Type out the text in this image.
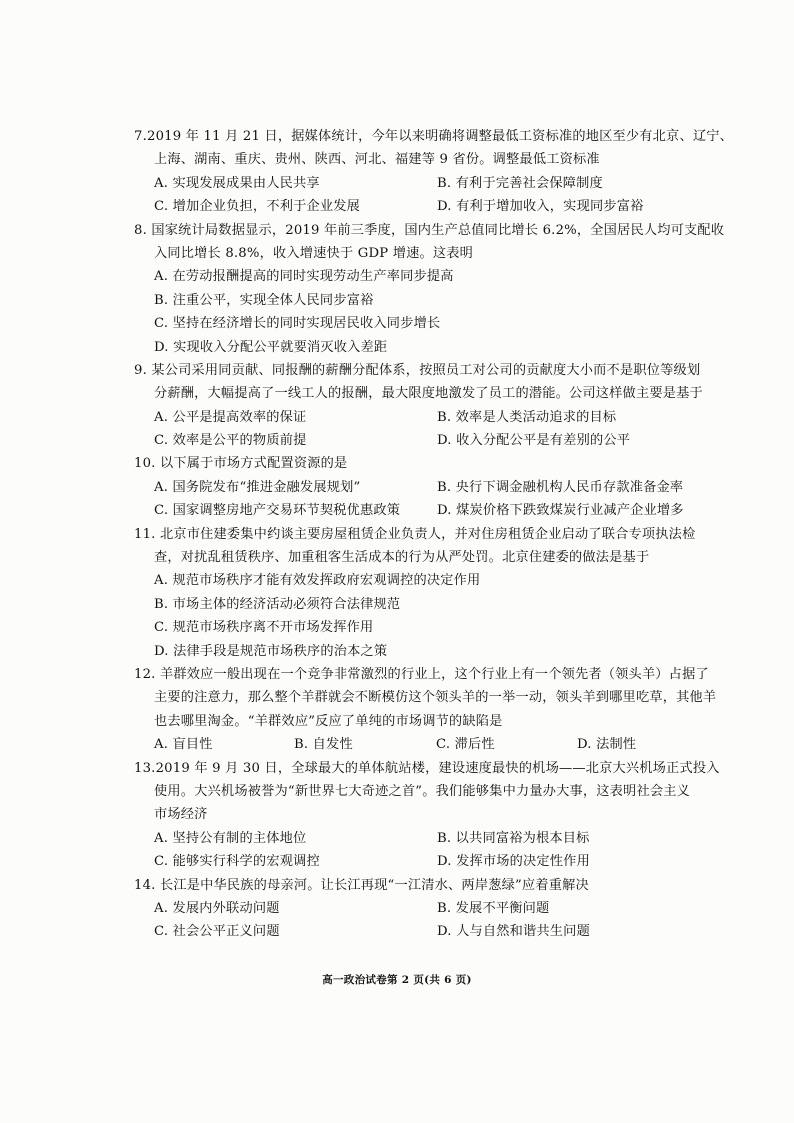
7.2019 年 11 月 21 日，据媒体统计，今年以来明确将调整最低工资标准的地区至少有北京、辽宁、
上海、湖南、重庆、贵州、陕西、河北、福建等 9 省份。调整最低工资标准
A. 实现发展成果由人民共享	B. 有利于完善社会保障制度
C. 增加企业负担，不利于企业发展	D. 有利于增加收入，实现同步富裕
8. 国家统计局数据显示，2019 年前三季度，国内生产总值同比增长 6.2%，全国居民人均可支配收
入同比增长 8.8%，收入增速快于 GDP 增速。这表明
A. 在劳动报酬提高的同时实现劳动生产率同步提高
B. 注重公平，实现全体人民同步富裕
C. 坚持在经济增长的同时实现居民收入同步增长
D. 实现收入分配公平就要消灭收入差距
9. 某公司采用同贡献、同报酬的薪酬分配体系，按照员工对公司的贡献度大小而不是职位等级划
分薪酬，大幅提高了一线工人的报酬，最大限度地激发了员工的潜能。公司这样做主要是基于
A. 公平是提高效率的保证	B. 效率是人类活动追求的目标
C. 效率是公平的物质前提	D. 收入分配公平是有差别的公平
10. 以下属于市场方式配置资源的是
A. 国务院发布“推进金融发展规划”	B. 央行下调金融机构人民币存款准备金率
C. 国家调整房地产交易环节契税优惠政策	D. 煤炭价格下跌致煤炭行业减产企业增多
11. 北京市住建委集中约谈主要房屋租赁企业负责人，并对住房租赁企业启动了联合专项执法检
查，对扰乱租赁秩序、加重租客生活成本的行为从严处罚。北京住建委的做法是基于
A. 规范市场秩序才能有效发挥政府宏观调控的决定作用
B. 市场主体的经济活动必须符合法律规范
C. 规范市场秩序离不开市场发挥作用
D. 法律手段是规范市场秩序的治本之策
12. 羊群效应一般出现在一个竞争非常激烈的行业上，这个行业上有一个领先者（领头羊）占据了
主要的注意力，那么整个羊群就会不断模仿这个领头羊的一举一动，领头羊到哪里吃草，其他羊
也去哪里淘金。“羊群效应”反应了单纯的市场调节的缺陷是
A. 盲目性	B. 自发性	C. 滞后性	D. 法制性
13.2019 年 9 月 30 日，全球最大的单体航站楼，建设速度最快的机场——北京大兴机场正式投入
使用。大兴机场被誉为“新世界七大奇迹之首”。我们能够集中力量办大事，这表明社会主义
市场经济
A. 坚持公有制的主体地位	B. 以共同富裕为根本目标
C. 能够实行科学的宏观调控	D. 发挥市场的决定性作用
14. 长江是中华民族的母亲河。让长江再现“一江清水、两岸葱绿”应着重解决
A. 发展内外联动问题	B. 发展不平衡问题
C. 社会公平正义问题	D. 人与自然和谐共生问题
高一政治试卷第 2 页(共 6 页)
